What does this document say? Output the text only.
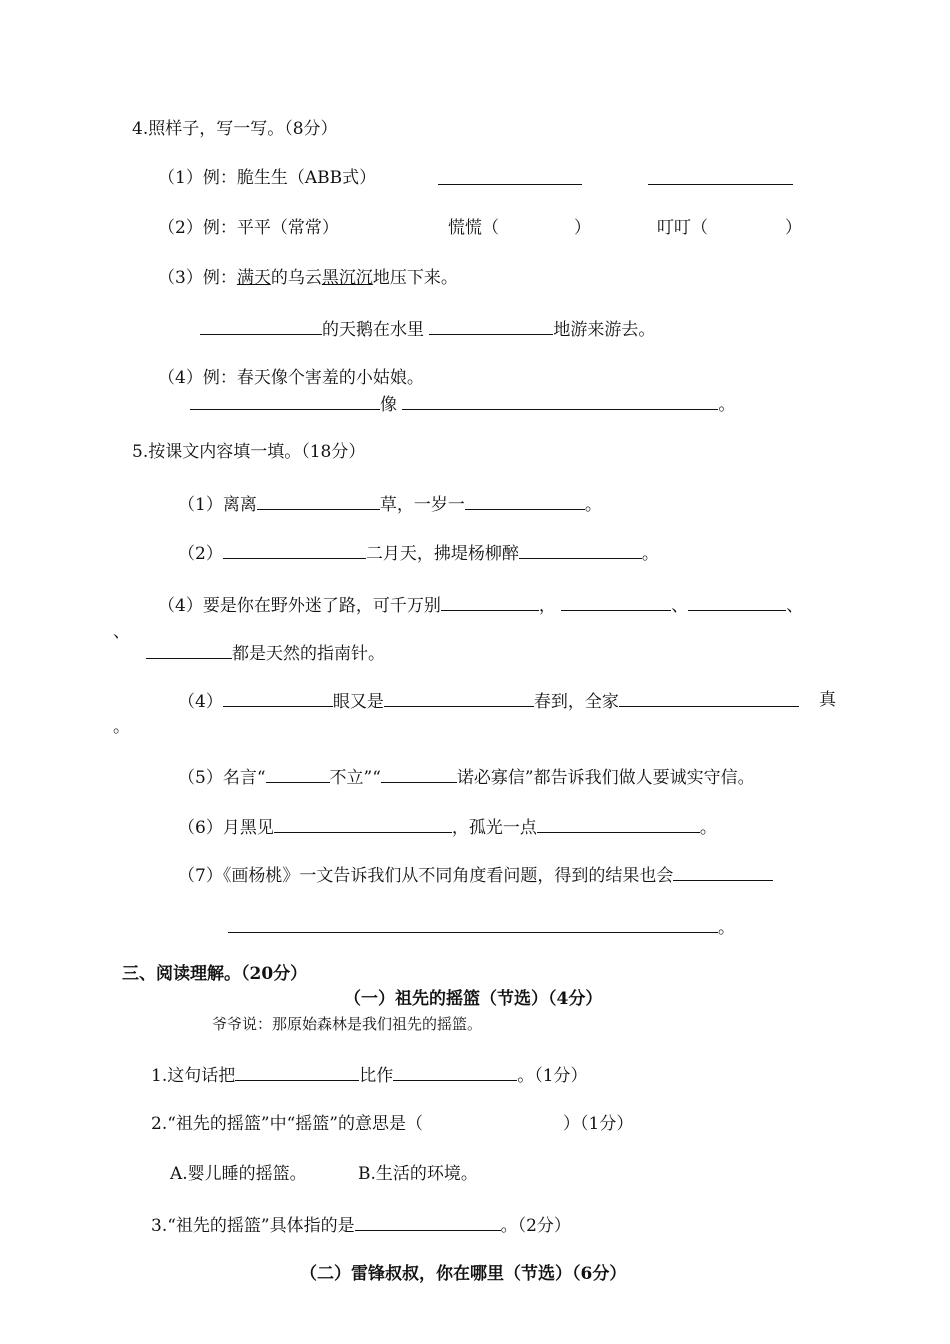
4.照样子，写一写。（8分）
（1）例：脆生生（ABB式）
（2）例：平平（常常）	慌慌（	）	叮叮（	）
（3）例：满天的乌云黑沉沉地压下来。
的天鹅在水里	地游来游去。
（4）例：春天像个害羞的小姑娘。
像	。
5.按课文内容填一填。（18分）
（1）离离	草，一岁一	。
（2）	二月天，拂堤杨柳醉	。
（4）要是你在野外迷了路，可千万别	，	、	、
、
都是天然的指南针。
（4）	眼又是	春到，全家	真
。
（5）名言“	不立”“	诺必寡信”都告诉我们做人要诚实守信。
（6）月黑见	，孤光一点	。
（7）《画杨桃》一文告诉我们从不同角度看问题，得到的结果也会
。
三、阅读理解。（20分）
（一）祖先的摇篮（节选）（4分）
爷爷说：那原始森林是我们祖先的摇篮。
1.这句话把	比作	。（1分）
2.“祖先的摇篮”中“摇篮”的意思是（	）（1分）
A.婴儿睡的摇篮。	B.生活的环境。
3.“祖先的摇篮”具体指的是	。（2分）
（二）雷锋叔叔，你在哪里（节选）（6分）
